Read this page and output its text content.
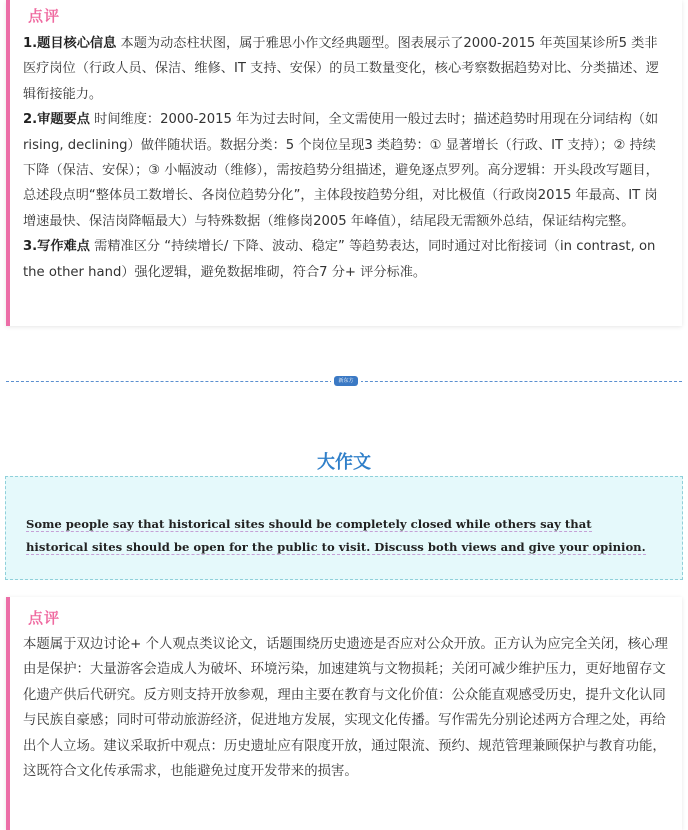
点评

1.题目核心信息 本题为动态柱状图，属于雅思小作文经典题型。图表展示了2000-2015 年英国某诊所5 类非医疗岗位（行政人员、保洁、维修、IT 支持、安保）的员工数量变化，核心考察数据趋势对比、分类描述、逻辑衔接能力。

2.审题要点 时间维度：2000-2015 年为过去时间，全文需使用一般过去时；描述趋势时用现在分词结构（如rising, declining）做伴随状语。数据分类：5 个岗位呈现3 类趋势：① 显著增长（行政、IT 支持）；② 持续下降（保洁、安保）；③ 小幅波动（维修），需按趋势分组描述，避免逐点罗列。高分逻辑：开头段改写题目，总述段点明“整体员工数增长、各岗位趋势分化”，主体段按趋势分组，对比极值（行政岗2015 年最高、IT 岗增速最快、保洁岗降幅最大）与特殊数据（维修岗2005 年峰值），结尾段无需额外总结，保证结构完整。

3.写作难点 需精准区分 “持续增长/ 下降、波动、稳定” 等趋势表达，同时通过对比衔接词（in contrast, on the other hand）强化逻辑，避免数据堆砌，符合7 分+ 评分标准。

新东方
大作文
Some people say that historical sites should be completely closed while others say that historical sites should be open for the public to visit. Discuss both views and give your opinion.
点评

本题属于双边讨论+ 个人观点类议论文，话题围绕历史遗迹是否应对公众开放。正方认为应完全关闭，核心理由是保护：大量游客会造成人为破坏、环境污染，加速建筑与文物损耗；关闭可减少维护压力，更好地留存文化遗产供后代研究。反方则支持开放参观，理由主要在教育与文化价值：公众能直观感受历史，提升文化认同与民族自豪感；同时可带动旅游经济，促进地方发展，实现文化传播。写作需先分别论述两方合理之处，再给出个人立场。建议采取折中观点：历史遗址应有限度开放，通过限流、预约、规范管理兼顾保护与教育功能，这既符合文化传承需求，也能避免过度开发带来的损害。
